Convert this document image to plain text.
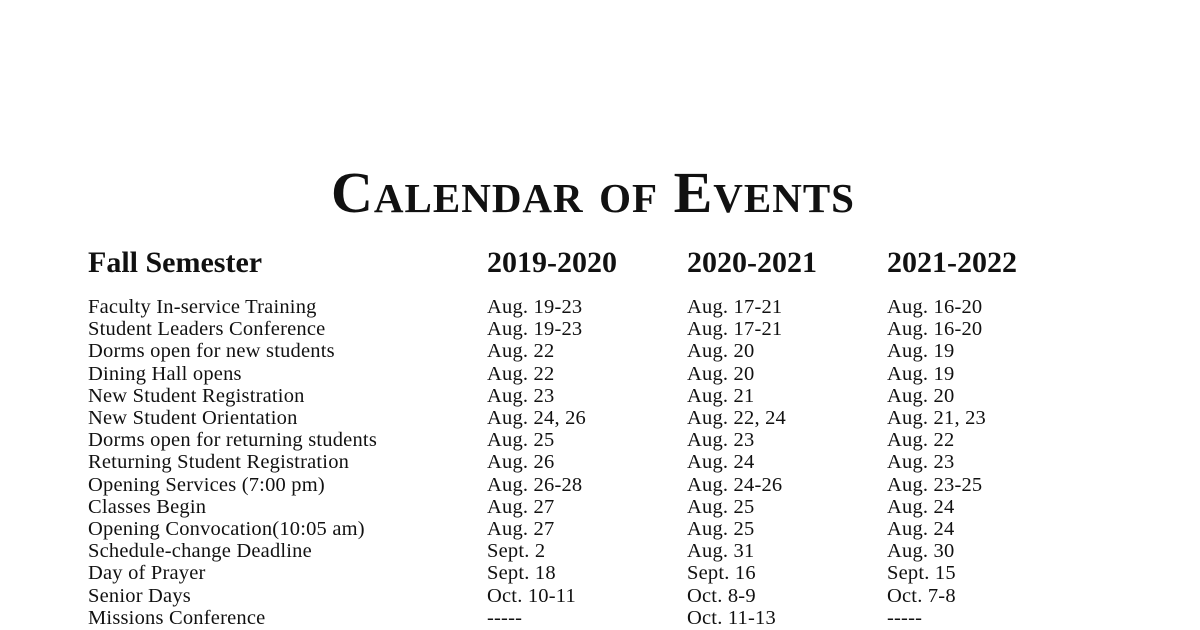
Calendar of Events
Fall Semester	2019-2020	2020-2021	2021-2022
Faculty In-service Training	Aug. 19-23	Aug. 17-21	Aug. 16-20
Student Leaders Conference	Aug. 19-23	Aug. 17-21	Aug. 16-20
Dorms open for new students	Aug. 22	Aug. 20	Aug. 19
Dining Hall opens	Aug. 22	Aug. 20	Aug. 19
New Student Registration	Aug. 23	Aug. 21	Aug. 20
New Student Orientation	Aug. 24, 26	Aug. 22, 24	Aug. 21, 23
Dorms open for returning students	Aug. 25	Aug. 23	Aug. 22
Returning Student Registration	Aug. 26	Aug. 24	Aug. 23
Opening Services (7:00 pm)	Aug. 26-28	Aug. 24-26	Aug. 23-25
Classes Begin	Aug. 27	Aug. 25	Aug. 24
Opening Convocation(10:05 am)	Aug. 27	Aug. 25	Aug. 24
Schedule-change Deadline	Sept. 2	Aug. 31	Aug. 30
Day of Prayer	Sept. 18	Sept. 16	Sept. 15
Senior Days	Oct. 10-11	Oct. 8-9	Oct. 7-8
Missions Conference	-----	Oct. 11-13	-----
